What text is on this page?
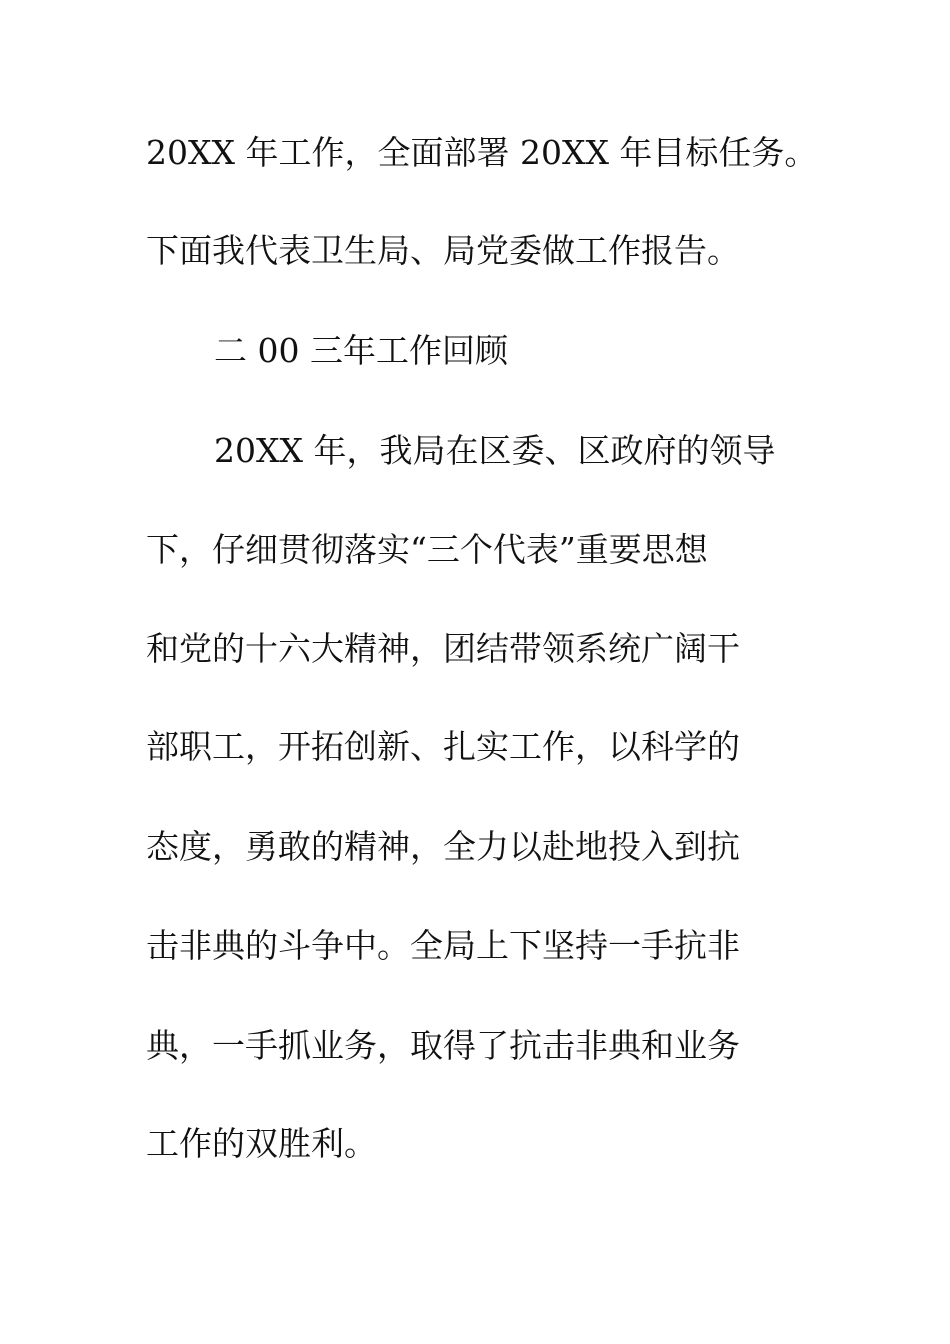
20XX 年工作，全面部署 20XX 年目标任务。
下面我代表卫生局、局党委做工作报告。
二 00 三年工作回顾
20XX 年，我局在区委、区政府的领导
下，仔细贯彻落实“三个代表”重要思想
和党的十六大精神，团结带领系统广阔干
部职工，开拓创新、扎实工作，以科学的
态度，勇敢的精神，全力以赴地投入到抗
击非典的斗争中。全局上下坚持一手抗非
典，一手抓业务，取得了抗击非典和业务
工作的双胜利。
